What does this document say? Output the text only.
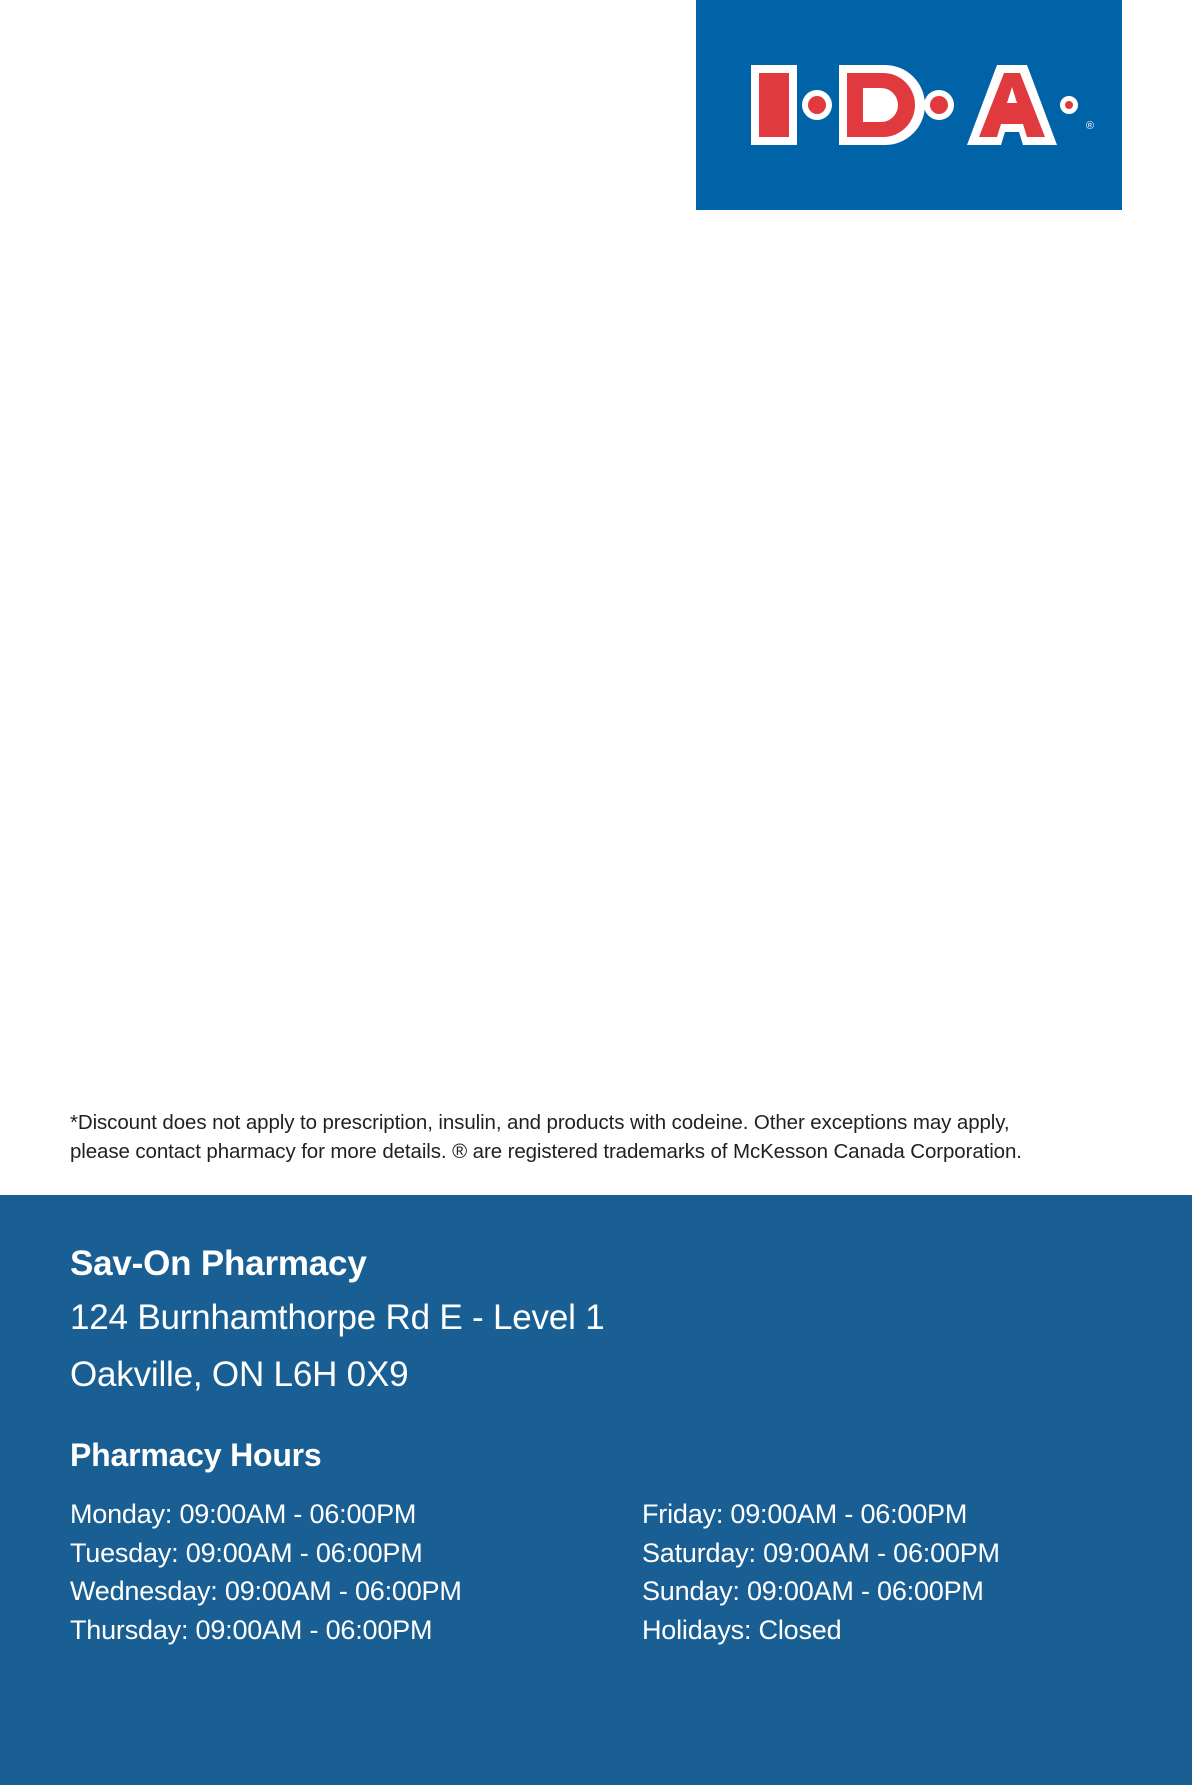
®

*Discount does not apply to prescription, insulin, and products with codeine. Other exceptions may apply,

please contact pharmacy for more details. ® are registered trademarks of McKesson Canada Corporation.

Sav-On Pharmacy
124 Burnhamthorpe Rd E - Level 1
Oakville, ON L6H 0X9
Pharmacy Hours
Monday: 09:00AM - 06:00PM
Tuesday: 09:00AM - 06:00PM
Wednesday: 09:00AM - 06:00PM
Thursday: 09:00AM - 06:00PM
Friday: 09:00AM - 06:00PM
Saturday: 09:00AM - 06:00PM
Sunday: 09:00AM - 06:00PM
Holidays: Closed
